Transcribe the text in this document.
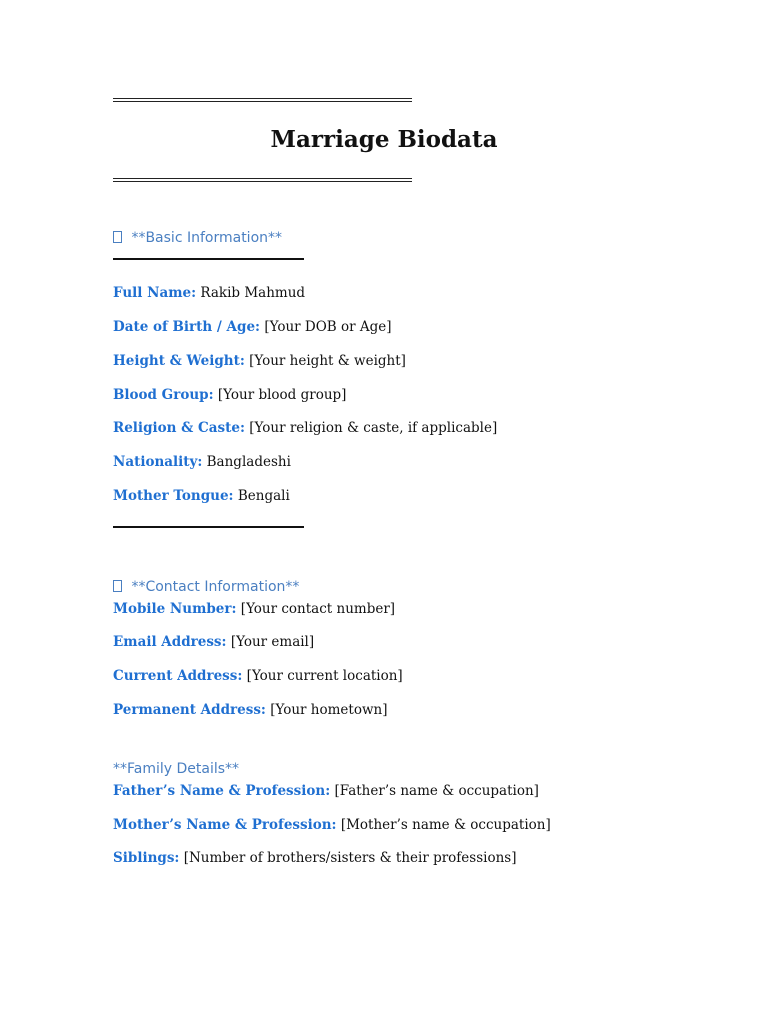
Marriage Biodata

**Basic Information**

Full Name: Rakib Mahmud

Date of Birth / Age: [Your DOB or Age]

Height & Weight: [Your height & weight]

Blood Group: [Your blood group]

Religion & Caste: [Your religion & caste, if applicable]

Nationality: Bangladeshi

Mother Tongue: Bengali

**Contact Information**

Mobile Number: [Your contact number]

Email Address: [Your email]

Current Address: [Your current location]

Permanent Address: [Your hometown]

**Family Details**

Father’s Name & Profession: [Father’s name & occupation]

Mother’s Name & Profession: [Mother’s name & occupation]

Siblings: [Number of brothers/sisters & their professions]
